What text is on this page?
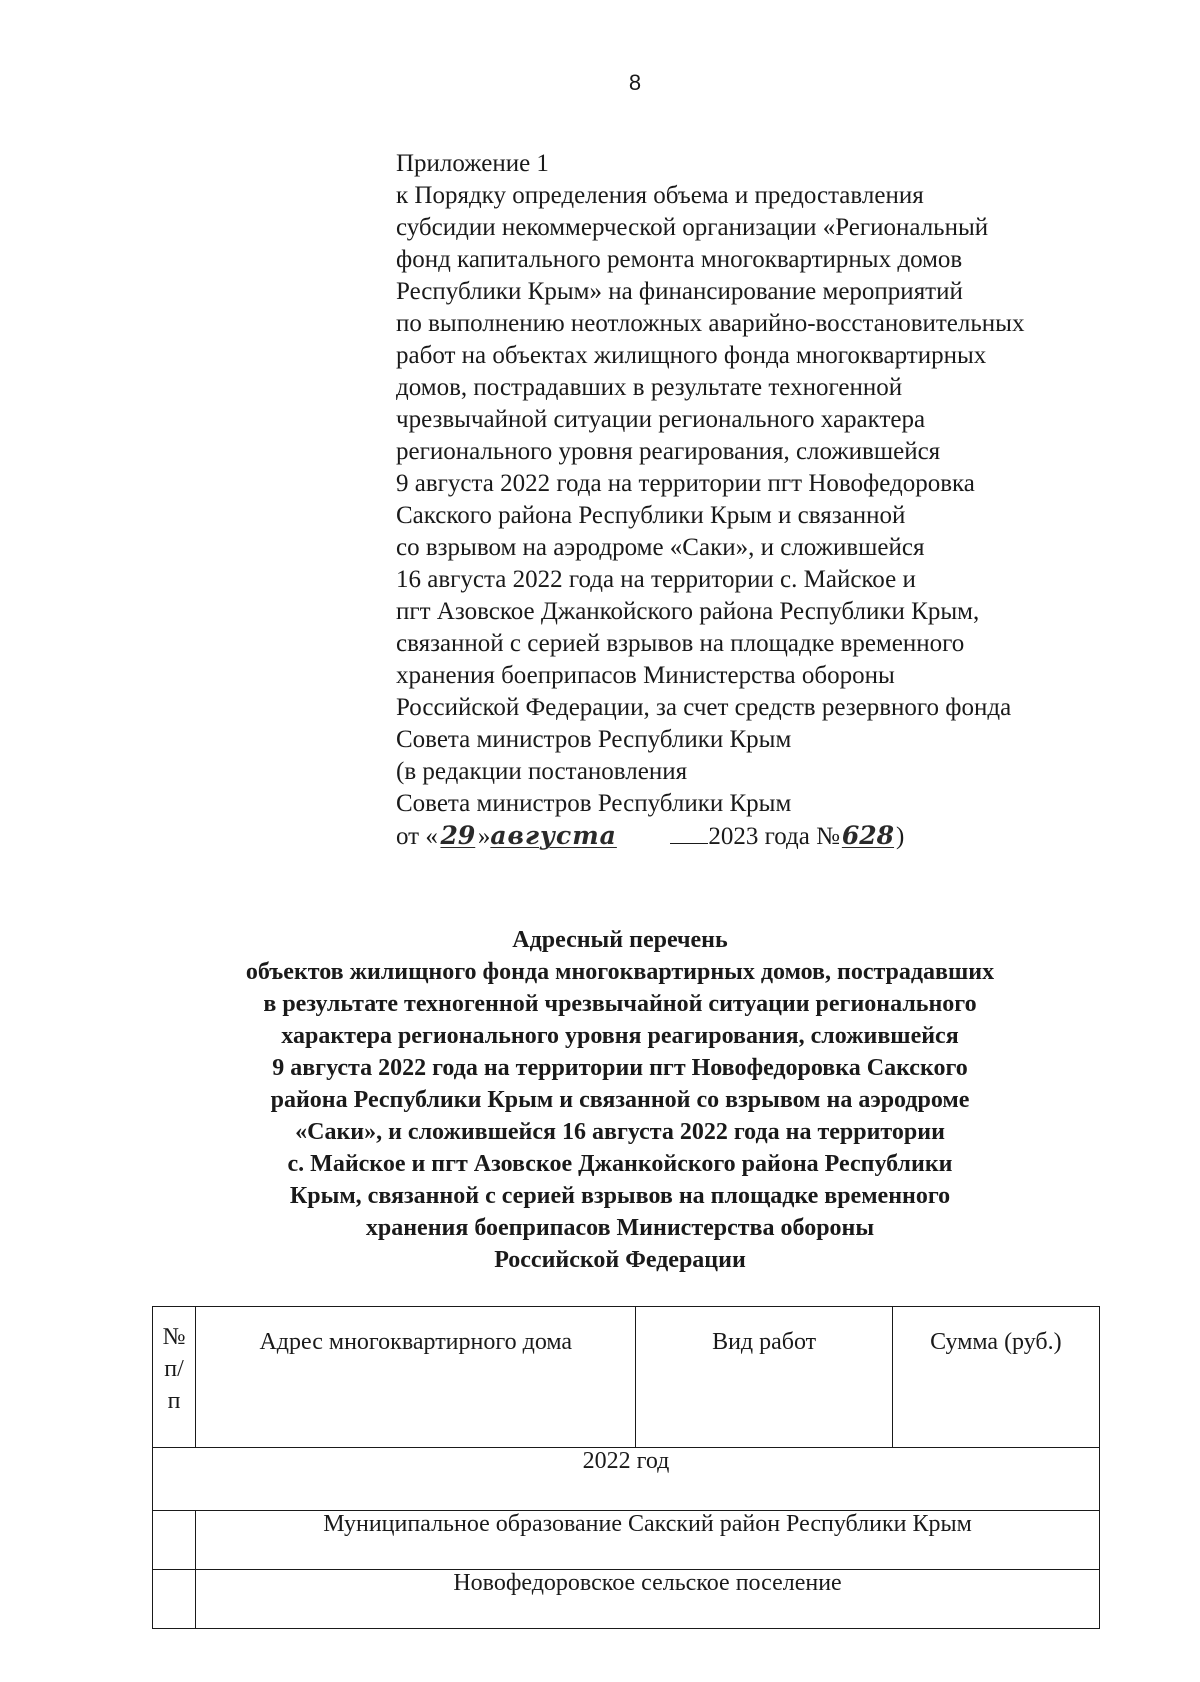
8
Приложение 1
к Порядку определения объема и предоставления
субсидии некоммерческой организации «Региональный
фонд капитального ремонта многоквартирных домов
Республики Крым» на финансирование мероприятий
по выполнению неотложных аварийно-восстановительных
работ на объектах жилищного фонда многоквартирных
домов, пострадавших в результате техногенной
чрезвычайной ситуации регионального характера
регионального уровня реагирования, сложившейся
9 августа 2022 года на территории пгт Новофедоровка
Сакского района Республики Крым и связанной
со взрывом на аэродроме «Саки», и сложившейся
16 августа 2022 года на территории с. Майское и
пгт Азовское Джанкойского района Республики Крым,
связанной с серией взрывов на площадке временного
хранения боеприпасов Министерства обороны
Российской Федерации, за счет средств резервного фонда
Совета министров Республики Крым
(в редакции постановления
Совета министров Республики Крым
от « 29 »августа	2023 года №628)
Адресный перечень
объектов жилищного фонда многоквартирных домов, пострадавших
в результате техногенной чрезвычайной ситуации регионального
характера регионального уровня реагирования, сложившейся
9 августа 2022 года на территории пгт Новофедоровка Сакского
района Республики Крым и связанной со взрывом на аэродроме
«Саки», и сложившейся 16 августа 2022 года на территории
с. Майское и пгт Азовское Джанкойского района Республики
Крым, связанной с серией взрывов на площадке временного
хранения боеприпасов Министерства обороны
Российской Федерации
№
п/
п	Адрес многоквартирного дома	Вид работ	Сумма (руб.)
2022 год			
	Муниципальное образование Сакский район Республики Крым		
	Новофедоровское сельское поселение		
